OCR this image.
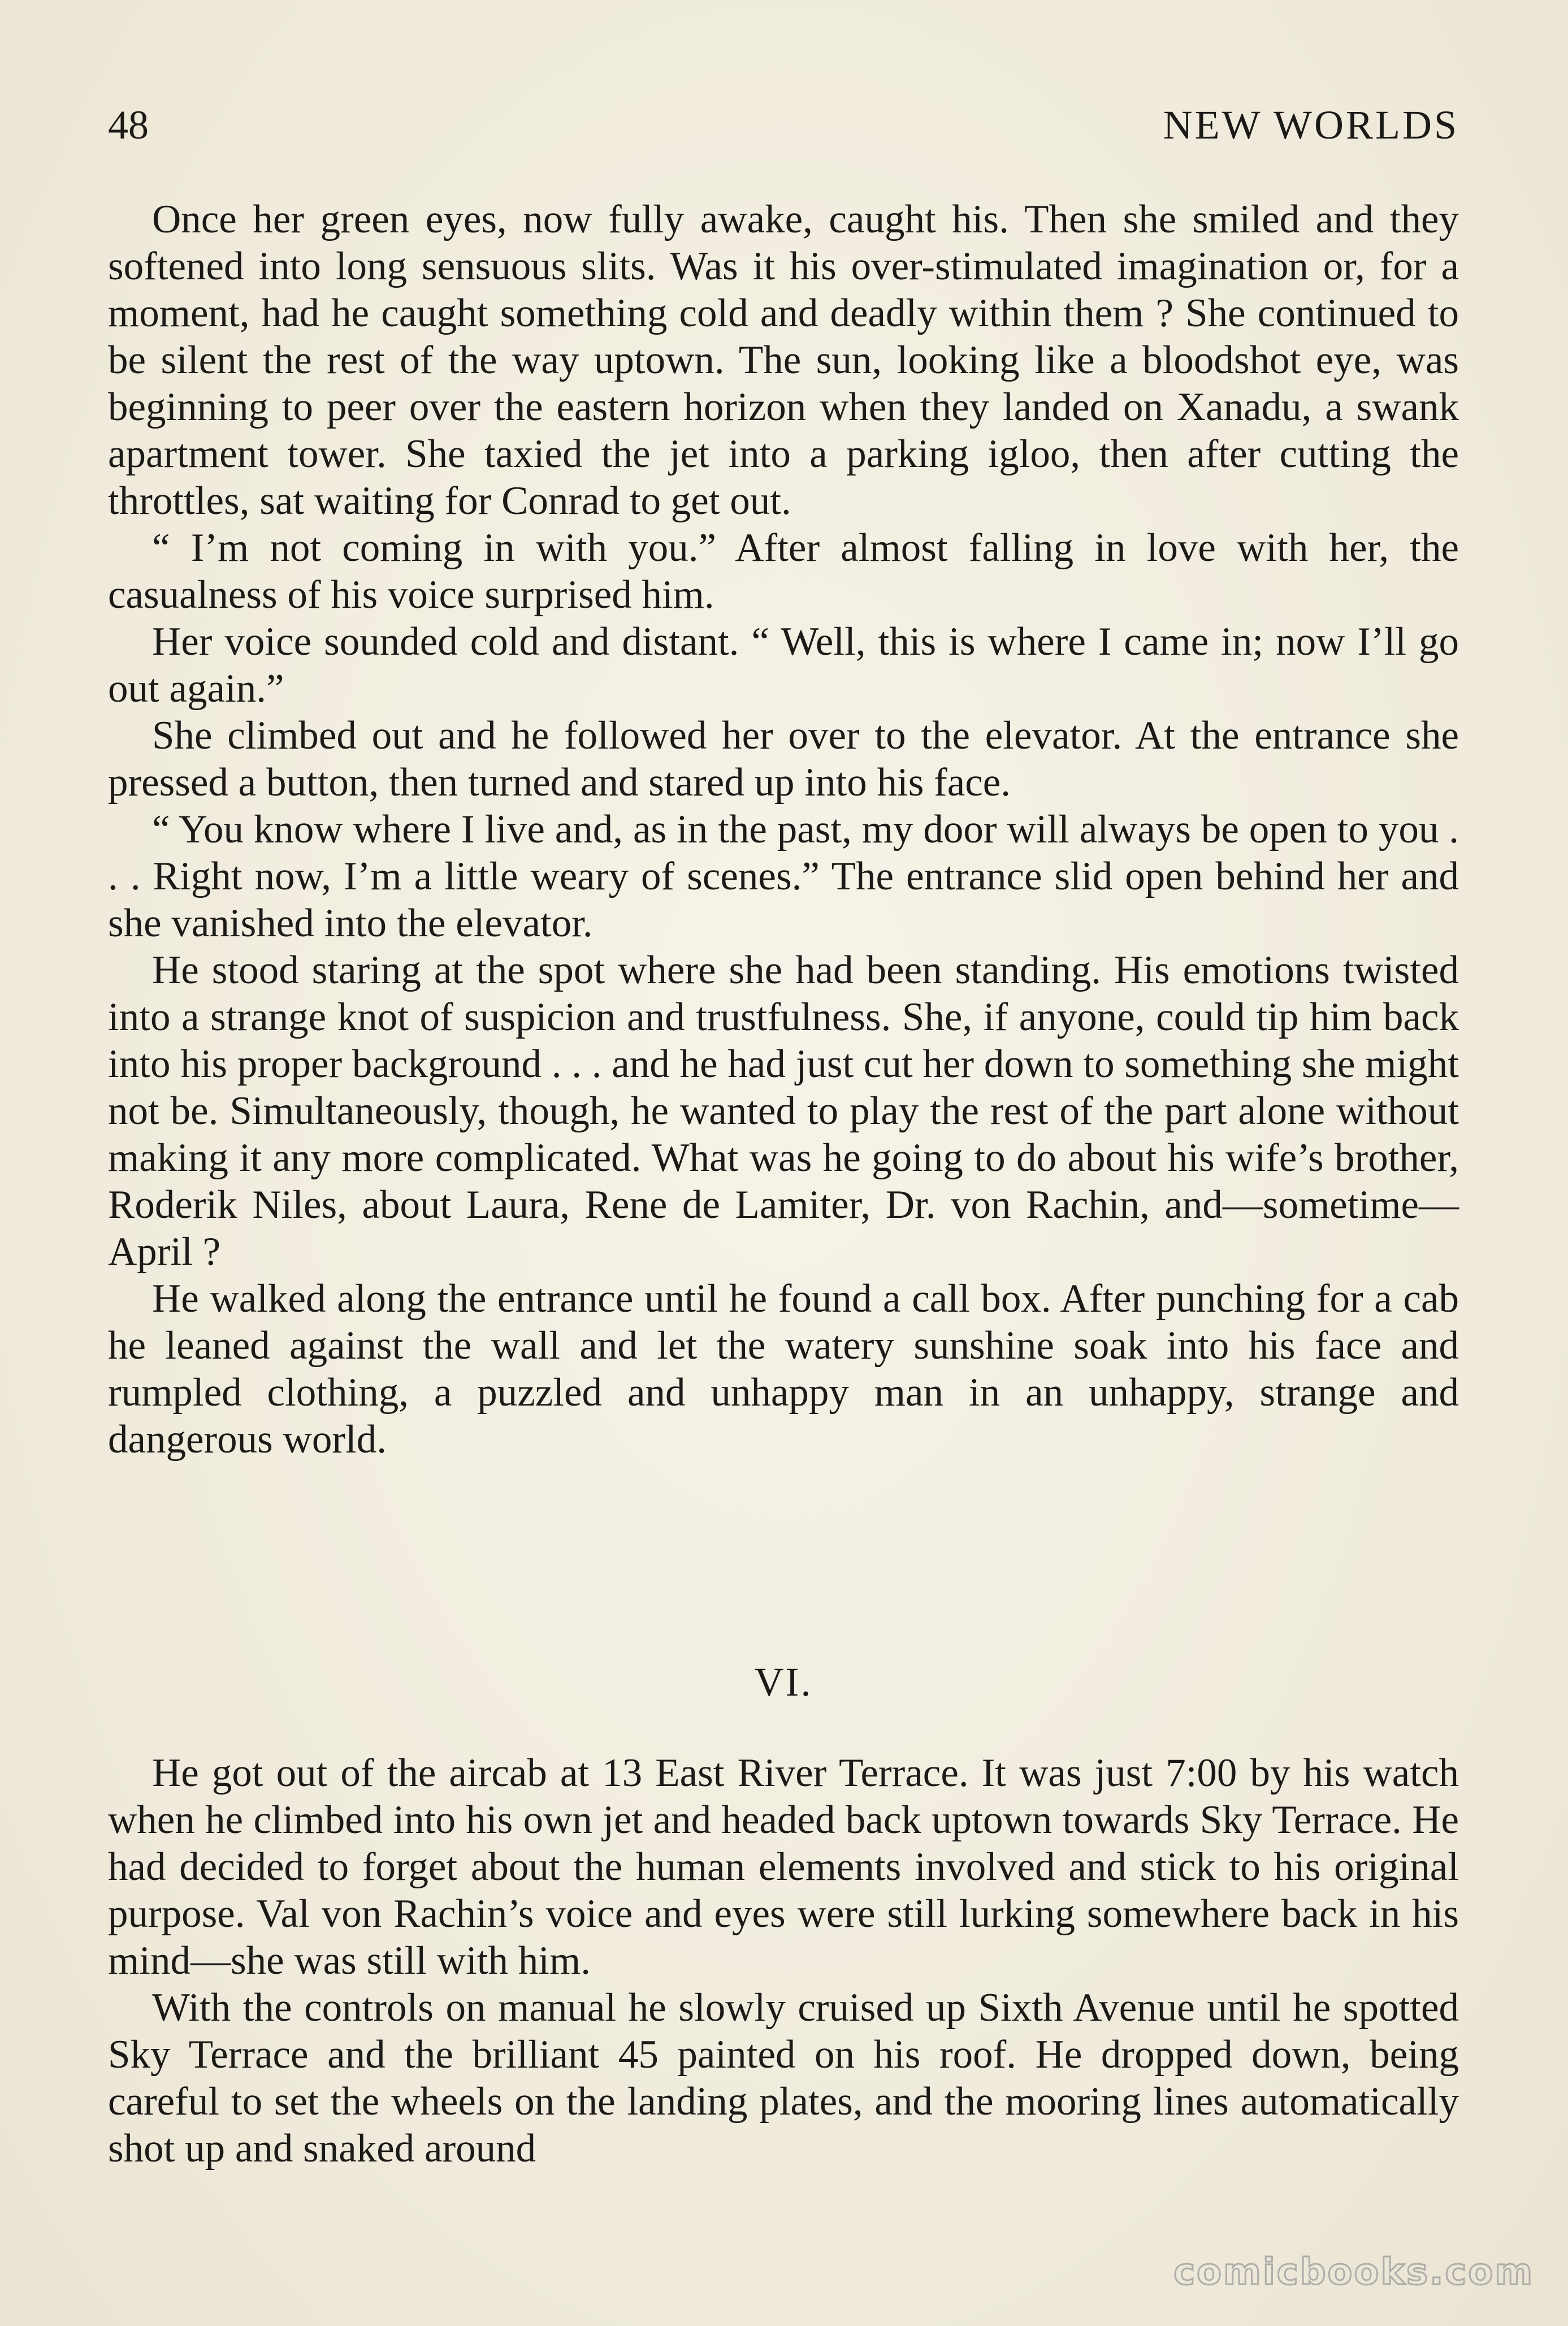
48	NEW WORLDS

Once her green eyes, now fully awake, caught his. Then she smiled and they softened into long sensuous slits. Was it his over-stimulated imagination or, for a moment, had he caught something cold and deadly within them ? She continued to be silent the rest of the way uptown. The sun, looking like a bloodshot eye, was beginning to peer over the eastern horizon when they landed on Xanadu, a swank apartment tower. She taxied the jet into a parking igloo, then after cutting the throttles, sat waiting for Conrad to get out.

“ I’m not coming in with you.” After almost falling in love with her, the casualness of his voice surprised him.

Her voice sounded cold and distant. “ Well, this is where I came in; now I’ll go out again.”

She climbed out and he followed her over to the elevator. At the entrance she pressed a button, then turned and stared up into his face.

“ You know where I live and, as in the past, my door will always be open to you . . . Right now, I’m a little weary of scenes.” The entrance slid open behind her and she vanished into the elevator.

He stood staring at the spot where she had been standing. His emotions twisted into a strange knot of suspicion and trustfulness. She, if anyone, could tip him back into his proper background . . . and he had just cut her down to something she might not be. Simultaneously, though, he wanted to play the rest of the part alone without making it any more complicated. What was he going to do about his wife’s brother, Roderik Niles, about Laura, Rene de Lamiter, Dr. von Rachin, and—sometime—April ?

He walked along the entrance until he found a call box. After punching for a cab he leaned against the wall and let the watery sunshine soak into his face and rumpled clothing, a puzzled and unhappy man in an unhappy, strange and dangerous world.

VI.

He got out of the aircab at 13 East River Terrace. It was just 7:00 by his watch when he climbed into his own jet and headed back uptown towards Sky Terrace. He had decided to forget about the human elements involved and stick to his original purpose. Val von Rachin’s voice and eyes were still lurking somewhere back in his mind—she was still with him.

With the controls on manual he slowly cruised up Sixth Avenue until he spotted Sky Terrace and the brilliant 45 painted on his roof. He dropped down, being careful to set the wheels on the landing plates, and the mooring lines automatically shot up and snaked around

comicbooks.com
